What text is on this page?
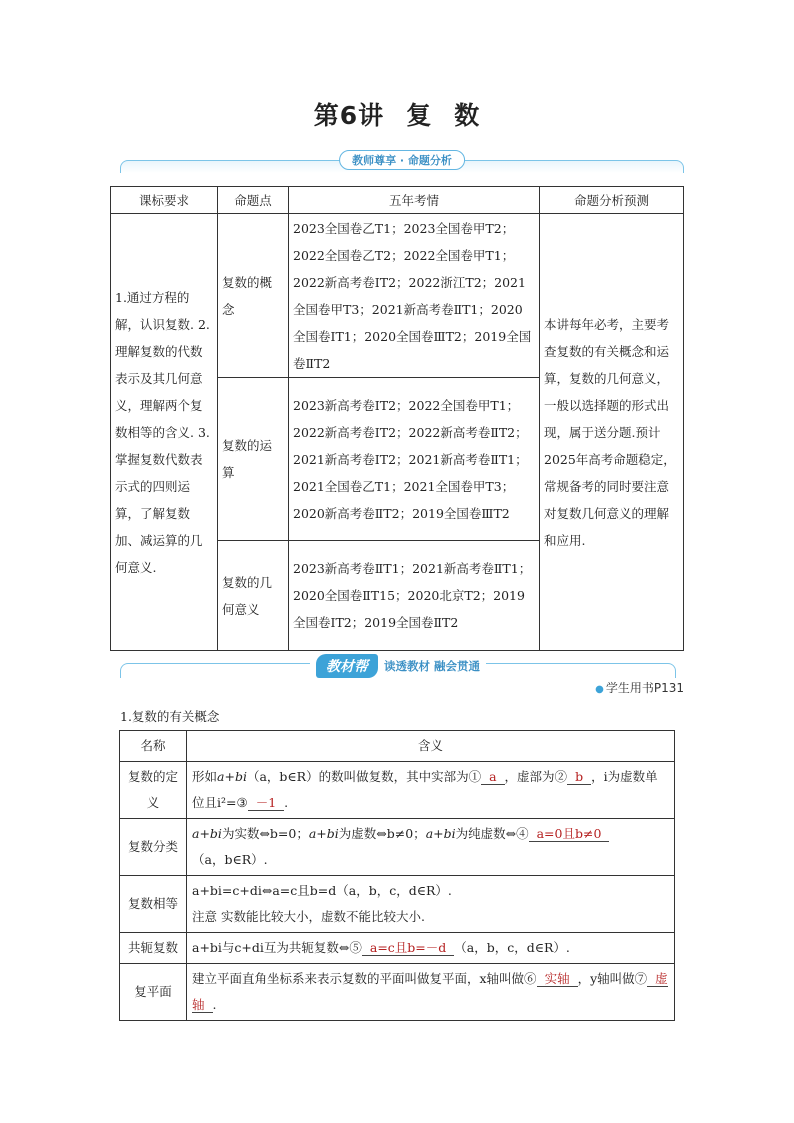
第6讲 复 数
教师尊享 · 命题分析
课标要求	命题点	五年考情	命题分析预测
1.通过方程的解，认识复数. 2.理解复数的代数表示及其几何意义，理解两个复数相等的含义. 3.掌握复数代数表示式的四则运算，了解复数加、减运算的几何意义.	复数的概念	2023全国卷乙T1；2023全国卷甲T2；2022全国卷乙T2；2022全国卷甲T1；2022新高考卷ⅠT2；2022浙江T2；2021全国卷甲T3；2021新高考卷ⅡT1；2020全国卷ⅠT1；2020全国卷ⅢT2；2019全国卷ⅡT2	本讲每年必考，主要考查复数的有关概念和运算，复数的几何意义，一般以选择题的形式出现，属于送分题.预计2025年高考命题稳定，常规备考的同时要注意对复数几何意义的理解和应用.
	复数的运算	2023新高考卷ⅠT2；2022全国卷甲T1；2022新高考卷ⅠT2；2022新高考卷ⅡT2；2021新高考卷ⅠT2；2021新高考卷ⅡT1；2021全国卷乙T1；2021全国卷甲T3；2020新高考卷ⅡT2；2019全国卷ⅢT2	
	复数的几何意义	2023新高考卷ⅡT1；2021新高考卷ⅡT1；2020全国卷ⅡT15；2020北京T2；2019全国卷ⅠT2；2019全国卷ⅡT2	
教材帮	读透教材 融会贯通
● 学生用书P131
1.复数的有关概念
名称	含义
复数的定义	形如a+bi（a，b∈R）的数叫做复数，其中实部为① a ，虚部为② b ，i为虚数单位且i²=③ －1 .
复数分类	a+bi为实数⇔b=0；a+bi为虚数⇔b≠0；a+bi为纯虚数⇔④ a=0且b≠0
（a，b∈R）.
复数相等	a+bi=c+di⇔a=c且b=d（a，b，c，d∈R）.
注意 实数能比较大小，虚数不能比较大小.
共轭复数	a+bi与c+di互为共轭复数⇔⑤ a=c且b=－d （a，b，c，d∈R）.
复平面	建立平面直角坐标系来表示复数的平面叫做复平面，x轴叫做⑥ 实轴 ，y轴叫做⑦ 虚轴 .
